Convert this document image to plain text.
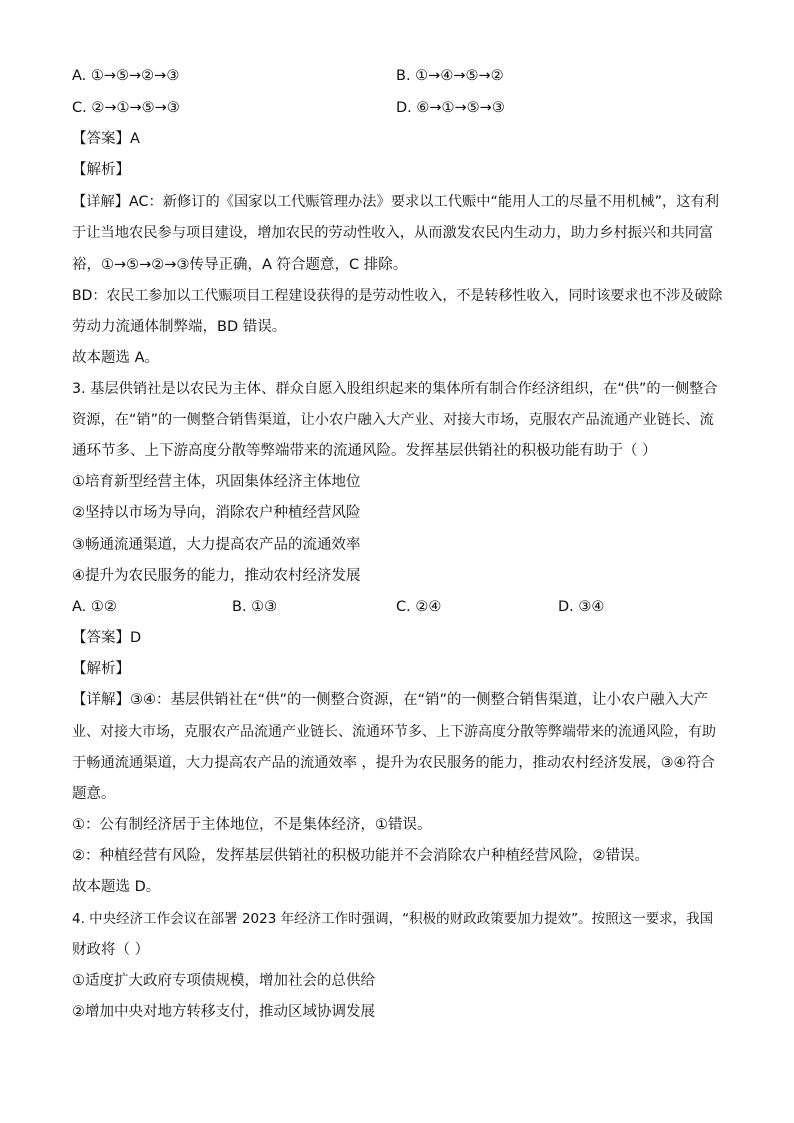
A. ①→⑤→②→③	B. ①→④→⑤→②
C. ②→①→⑤→③	D. ⑥→①→⑤→③
【答案】A
【解析】
【详解】AC：新修订的《国家以工代赈管理办法》要求以工代赈中“能用人工的尽量不用机械”，这有利
于让当地农民参与项目建设，增加农民的劳动性收入，从而激发农民内生动力，助力乡村振兴和共同富
裕，①→⑤→②→③传导正确，A 符合题意，C 排除。
BD：农民工参加以工代赈项目工程建设获得的是劳动性收入，不是转移性收入，同时该要求也不涉及破除
劳动力流通体制弊端，BD 错误。
故本题选 A。
3. 基层供销社是以农民为主体、群众自愿入股组织起来的集体所有制合作经济组织，在“供”的一侧整合
资源，在“销”的一侧整合销售渠道，让小农户融入大产业、对接大市场，克服农产品流通产业链长、流
通环节多、上下游高度分散等弊端带来的流通风险。发挥基层供销社的积极功能有助于（ ）
①培育新型经营主体，巩固集体经济主体地位
②坚持以市场为导向，消除农户种植经营风险
③畅通流通渠道，大力提高农产品的流通效率
④提升为农民服务的能力，推动农村经济发展
A. ①②	B. ①③	C. ②④	D. ③④
【答案】D
【解析】
【详解】③④：基层供销社在“供”的一侧整合资源，在“销”的一侧整合销售渠道，让小农户融入大产
业、对接大市场，克服农产品流通产业链长、流通环节多、上下游高度分散等弊端带来的流通风险，有助
于畅通流通渠道，大力提高农产品的流通效率 ，提升为农民服务的能力，推动农村经济发展，③④符合
题意。
①：公有制经济居于主体地位，不是集体经济，①错误。
②：种植经营有风险，发挥基层供销社的积极功能并不会消除农户种植经营风险，②错误。
故本题选 D。
4. 中央经济工作会议在部署 2023 年经济工作时强调，“积极的财政政策要加力提效”。按照这一要求，我国
财政将（ ）
①适度扩大政府专项债规模，增加社会的总供给
②增加中央对地方转移支付，推动区域协调发展
